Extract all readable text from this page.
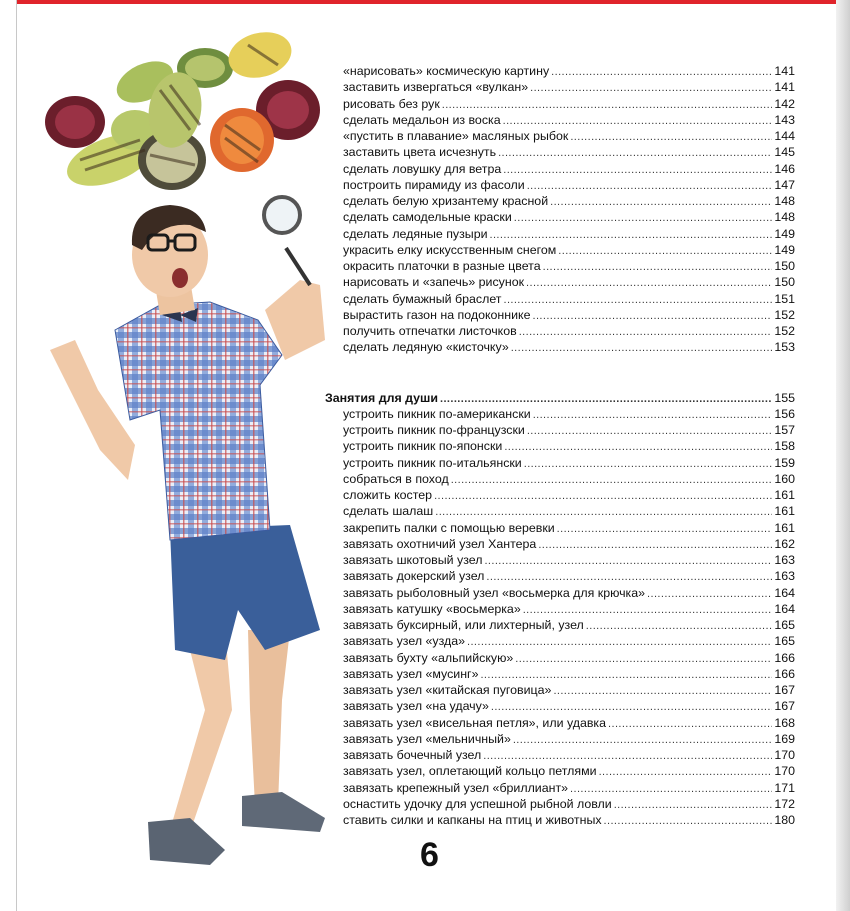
«нарисовать» космическую картину .....	141
заставить извергаться «вулкан» .....	141
рисовать без рук .....	142
сделать медальон из воска .....	143
«пустить в плавание» масляных рыбок .....	144
заставить цвета исчезнуть .....	145
сделать ловушку для ветра .....	146
построить пирамиду из фасоли .....	147
сделать белую хризантему красной .....	148
сделать самодельные краски .....	148
сделать ледяные пузыри .....	149
украсить елку искусственным снегом .....	149
окрасить платочки в разные цвета .....	150
нарисовать и «запечь» рисунок .....	150
сделать бумажный браслет .....	151
вырастить газон на подоконнике .....	152
получить отпечатки листочков .....	152
сделать ледяную «кисточку» .....	153
Занятия для души .....	155
устроить пикник по-американски .....	156
устроить пикник по-французски .....	157
устроить пикник по-японски .....	158
устроить пикник по-итальянски .....	159
собраться в поход .....	160
сложить костер .....	161
сделать шалаш .....	161
закрепить палки с помощью веревки .....	161
завязать охотничий узел Хантера .....	162
завязать шкотовый узел .....	163
завязать докерский узел .....	163
завязать рыболовный узел «восьмерка для крючка» .....	164
завязать катушку «восьмерка» .....	164
завязать буксирный, или лихтерный, узел .....	165
завязать узел «узда» .....	165
завязать бухту «альпийскую» .....	166
завязать узел «мусинг» .....	166
завязать узел «китайская пуговица» .....	167
завязать узел «на удачу» .....	167
завязать узел «висельная петля», или удавка .....	168
завязать узел «мельничный» .....	169
завязать бочечный узел .....	170
завязать узел, оплетающий кольцо петлями .....	170
завязать крепежный узел «бриллиант» .....	171
оснастить удочку для успешной рыбной ловли .....	172
ставить силки и капканы на птиц и животных .....	180
6
